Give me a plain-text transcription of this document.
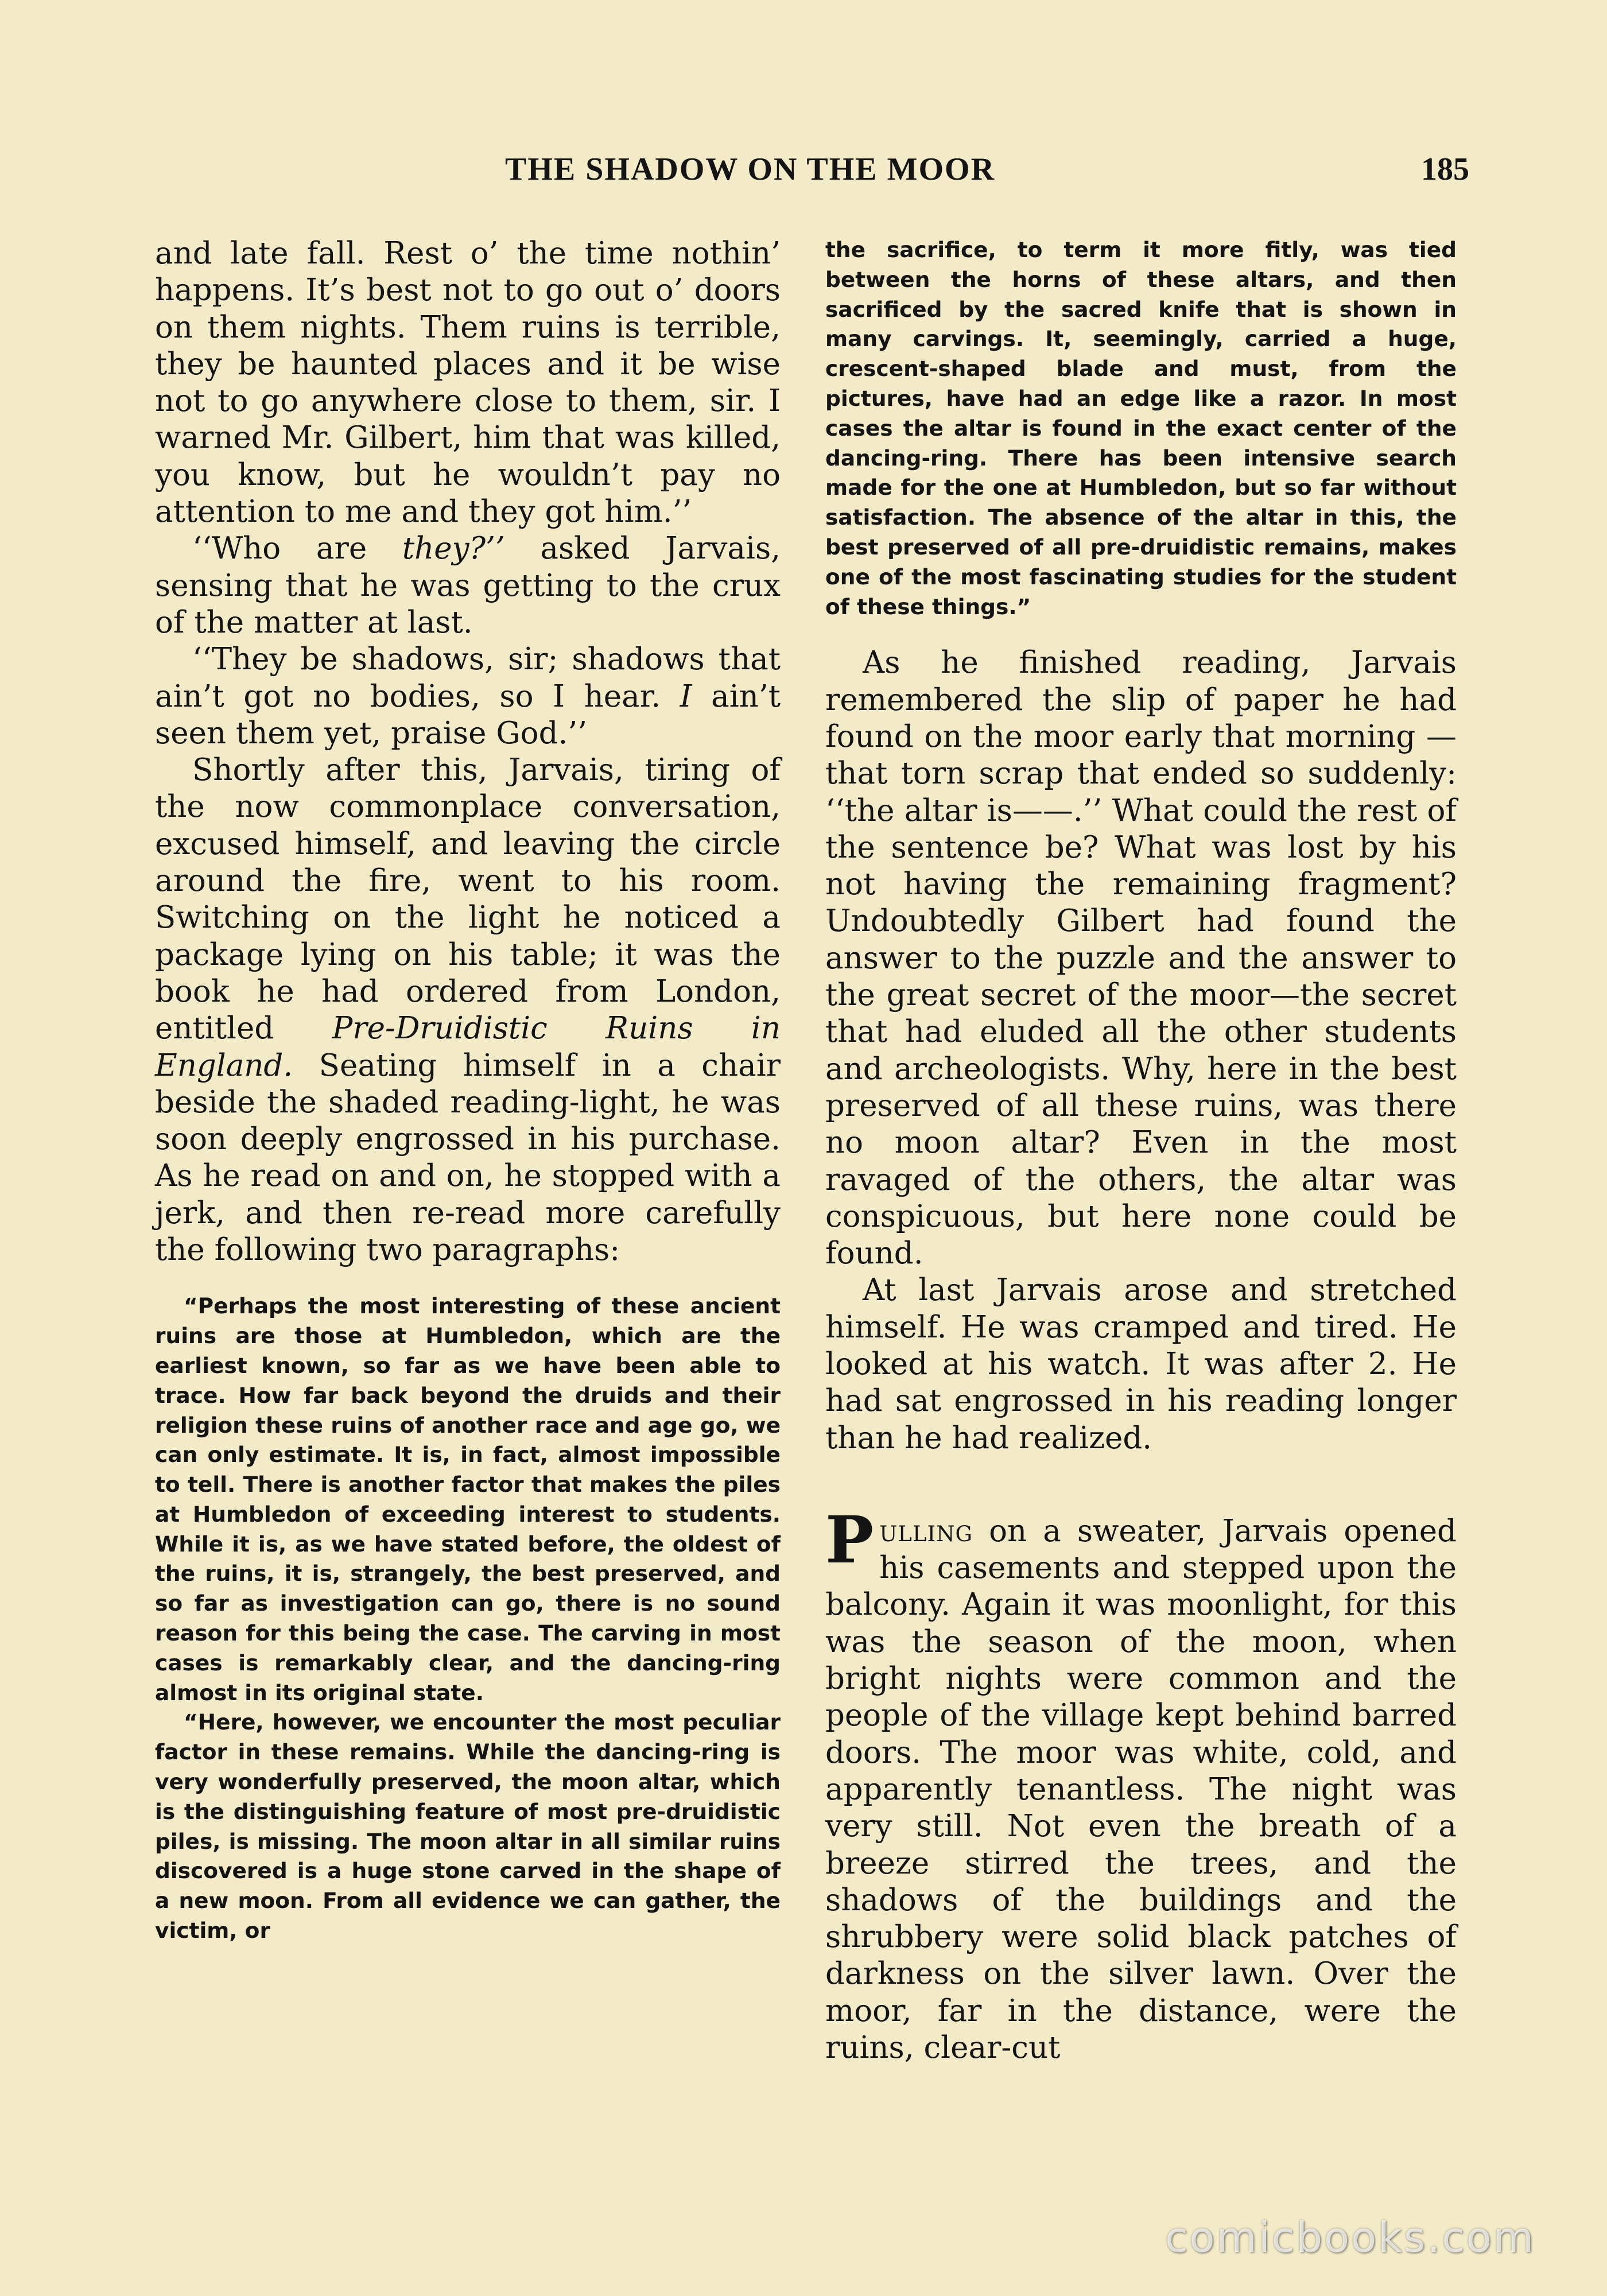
THE SHADOW ON THE MOOR	185

and late fall. Rest o’ the time nothin’ happens. It’s best not to go out o’ doors on them nights. Them ruins is terrible, they be haunted places and it be wise not to go anywhere close to them, sir. I warned Mr. Gilbert, him that was killed, you know, but he wouldn’t pay no attention to me and they got him.’’

‘‘Who are they?’’ asked Jarvais, sensing that he was getting to the crux of the matter at last.

‘‘They be shadows, sir; shadows that ain’t got no bodies, so I hear. I ain’t seen them yet, praise God.’’

Shortly after this, Jarvais, tiring of the now commonplace conversation, excused himself, and leaving the circle around the fire, went to his room. Switching on the light he noticed a package lying on his table; it was the book he had ordered from London, entitled Pre-Druidistic Ruins in England. Seating himself in a chair beside the shaded reading-light, he was soon deeply engrossed in his purchase. As he read on and on, he stopped with a jerk, and then re-read more carefully the following two paragraphs:

“Perhaps the most interesting of these ancient ruins are those at Humbledon, which are the earliest known, so far as we have been able to trace. How far back beyond the druids and their religion these ruins of another race and age go, we can only estimate. It is, in fact, almost impossible to tell. There is another factor that makes the piles at Humbledon of exceeding interest to students. While it is, as we have stated before, the oldest of the ruins, it is, strangely, the best preserved, and so far as investigation can go, there is no sound reason for this being the case. The carving in most cases is remarkably clear, and the dancing-ring almost in its original state.

“Here, however, we encounter the most peculiar factor in these remains. While the dancing-ring is very wonderfully preserved, the moon altar, which is the distinguishing feature of most pre-druidistic piles, is missing. The moon altar in all similar ruins discovered is a huge stone carved in the shape of a new moon. From all evidence we can gather, the victim, or

the sacrifice, to term it more fitly, was tied between the horns of these altars, and then sacrificed by the sacred knife that is shown in many carvings. It, seemingly, carried a huge, crescent-shaped blade and must, from the pictures, have had an edge like a razor. In most cases the altar is found in the exact center of the dancing-ring. There has been intensive search made for the one at Humbledon, but so far without satisfaction. The absence of the altar in this, the best preserved of all pre-druidistic remains, makes one of the most fascinating studies for the student of these things.”

As he finished reading, Jarvais remembered the slip of paper he had found on the moor early that morning —that torn scrap that ended so suddenly: ‘‘the altar is——.’’ What could the rest of the sentence be? What was lost by his not having the remaining fragment? Undoubtedly Gilbert had found the answer to the puzzle and the answer to the great secret of the moor—the secret that had eluded all the other students and archeologists. Why, here in the best preserved of all these ruins, was there no moon altar? Even in the most ravaged of the others, the altar was conspicuous, but here none could be found.

At last Jarvais arose and stretched himself. He was cramped and tired. He looked at his watch. It was after 2. He had sat engrossed in his reading longer than he had realized.

Pulling on a sweater, Jarvais opened his casements and stepped upon the balcony. Again it was moonlight, for this was the season of the moon, when bright nights were common and the people of the village kept behind barred doors. The moor was white, cold, and apparently tenantless. The night was very still. Not even the breath of a breeze stirred the trees, and the shadows of the buildings and the shrubbery were solid black patches of darkness on the silver lawn. Over the moor, far in the distance, were the ruins, clear-cut

comicbooks.com
